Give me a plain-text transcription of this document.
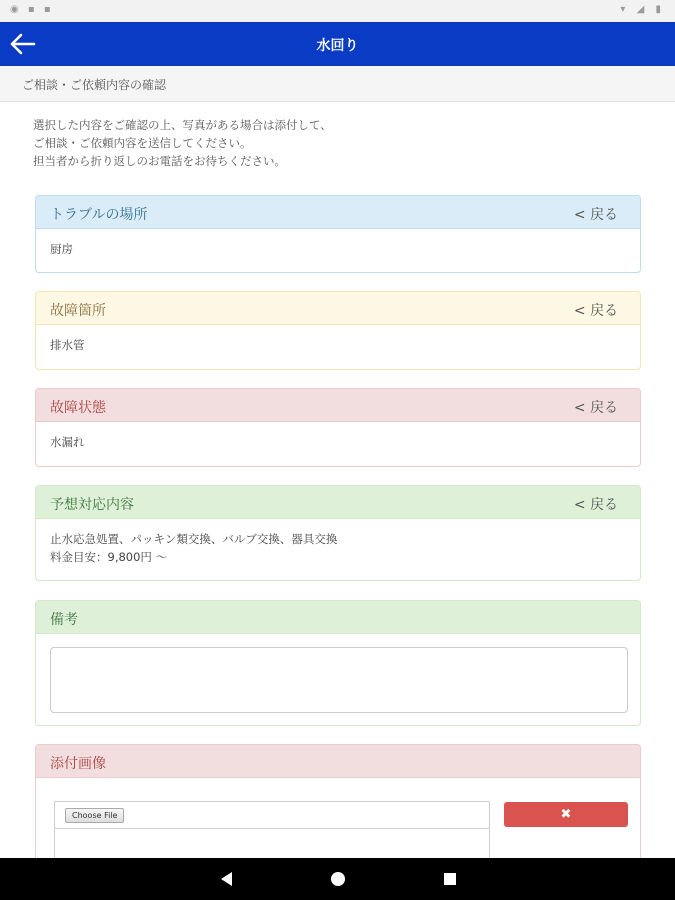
◉ ▪ ▪	▾ ◢ ▮
水回り
ご相談・ご依頼内容の確認
選択した内容をご確認の上、写真がある場合は添付して、
ご相談・ご依頼内容を送信してください。
担当者から折り返しのお電話をお待ちください。
トラブルの場所	< 戻る
厨房
故障箇所	< 戻る
排水管
故障状態	< 戻る
水漏れ
予想対応内容	< 戻る
止水応急処置、パッキン類交換、バルブ交換、器具交換
料金目安：9,800円 〜
備考
添付画像
Choose File	✖
